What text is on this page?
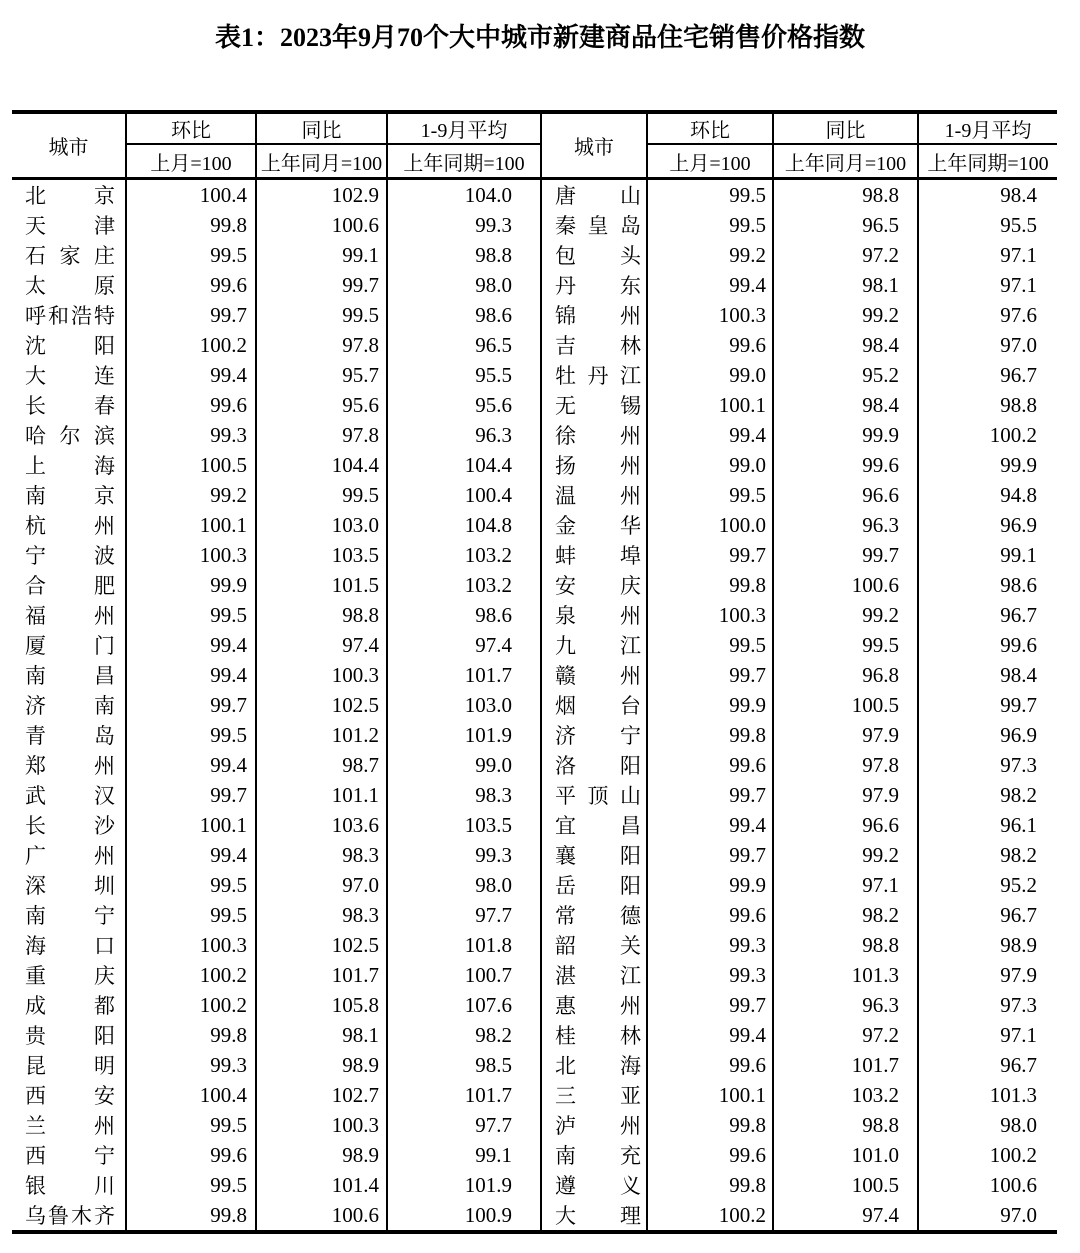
表1：2023年9月70个大中城市新建商品住宅销售价格指数
城市	环比	同比	1-9月平均	城市	环比	同比	1-9月平均
	上月=100	上年同月=100	上年同期=100		上月=100	上年同月=100	上年同期=100

北 京	100.4	102.9	104.0	唐 山	99.5	98.8	98.4

天 津	99.8	100.6	99.3	秦 皇 岛	99.5	96.5	95.5

石 家 庄	99.5	99.1	98.8	包 头	99.2	97.2	97.1

太 原	99.6	99.7	98.0	丹 东	99.4	98.1	97.1

呼 和 浩 特	99.7	99.5	98.6	锦 州	100.3	99.2	97.6

沈 阳	100.2	97.8	96.5	吉 林	99.6	98.4	97.0

大 连	99.4	95.7	95.5	牡 丹 江	99.0	95.2	96.7

长 春	99.6	95.6	95.6	无 锡	100.1	98.4	98.8

哈 尔 滨	99.3	97.8	96.3	徐 州	99.4	99.9	100.2

上 海	100.5	104.4	104.4	扬 州	99.0	99.6	99.9

南 京	99.2	99.5	100.4	温 州	99.5	96.6	94.8

杭 州	100.1	103.0	104.8	金 华	100.0	96.3	96.9

宁 波	100.3	103.5	103.2	蚌 埠	99.7	99.7	99.1

合 肥	99.9	101.5	103.2	安 庆	99.8	100.6	98.6

福 州	99.5	98.8	98.6	泉 州	100.3	99.2	96.7

厦 门	99.4	97.4	97.4	九 江	99.5	99.5	99.6

南 昌	99.4	100.3	101.7	赣 州	99.7	96.8	98.4

济 南	99.7	102.5	103.0	烟 台	99.9	100.5	99.7

青 岛	99.5	101.2	101.9	济 宁	99.8	97.9	96.9

郑 州	99.4	98.7	99.0	洛 阳	99.6	97.8	97.3

武 汉	99.7	101.1	98.3	平 顶 山	99.7	97.9	98.2

长 沙	100.1	103.6	103.5	宜 昌	99.4	96.6	96.1

广 州	99.4	98.3	99.3	襄 阳	99.7	99.2	98.2

深 圳	99.5	97.0	98.0	岳 阳	99.9	97.1	95.2

南 宁	99.5	98.3	97.7	常 德	99.6	98.2	96.7

海 口	100.3	102.5	101.8	韶 关	99.3	98.8	98.9

重 庆	100.2	101.7	100.7	湛 江	99.3	101.3	97.9

成 都	100.2	105.8	107.6	惠 州	99.7	96.3	97.3

贵 阳	99.8	98.1	98.2	桂 林	99.4	97.2	97.1

昆 明	99.3	98.9	98.5	北 海	99.6	101.7	96.7

西 安	100.4	102.7	101.7	三 亚	100.1	103.2	101.3

兰 州	99.5	100.3	97.7	泸 州	99.8	98.8	98.0

西 宁	99.6	98.9	99.1	南 充	99.6	101.0	100.2

银 川	99.5	101.4	101.9	遵 义	99.8	100.5	100.6

乌 鲁 木 齐	99.8	100.6	100.9	大 理	100.2	97.4	97.0
